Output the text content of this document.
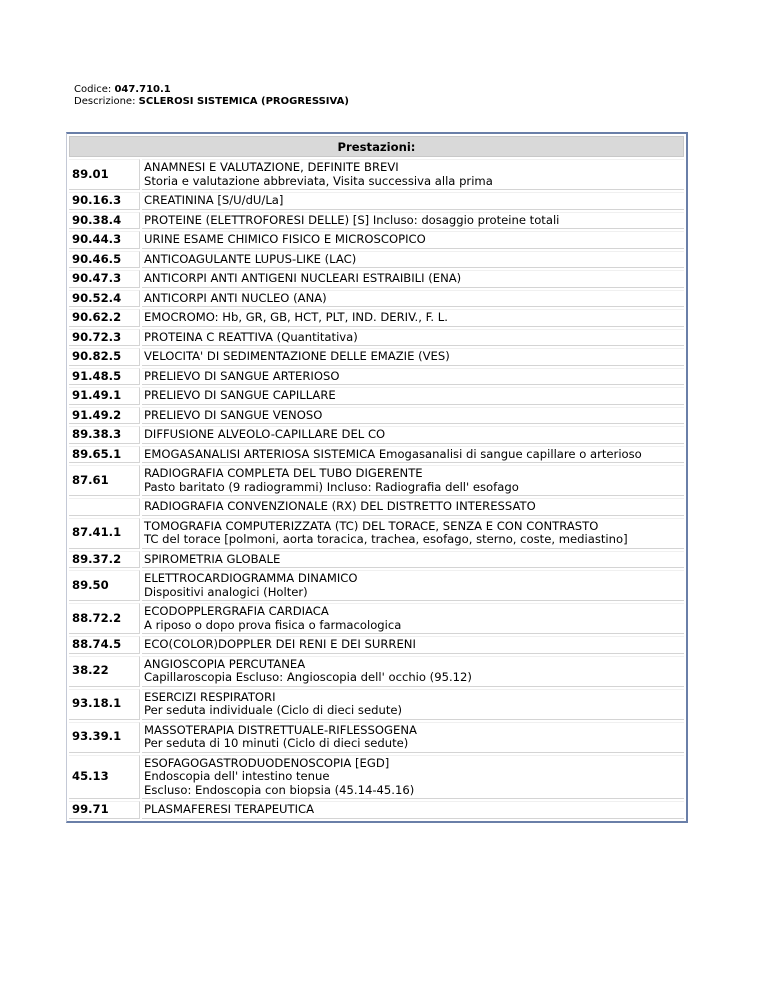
Codice: 047.710.1
Descrizione: SCLEROSI SISTEMICA (PROGRESSIVA)
Prestazioni:	
89.01	ANAMNESI E VALUTAZIONE, DEFINITE BREVI
Storia e valutazione abbreviata, Visita successiva alla prima

90.16.3	CREATININA [S/U/dU/La]

90.38.4	PROTEINE (ELETTROFORESI DELLE) [S] Incluso: dosaggio proteine totali

90.44.3	URINE ESAME CHIMICO FISICO E MICROSCOPICO

90.46.5	ANTICOAGULANTE LUPUS-LIKE (LAC)

90.47.3	ANTICORPI ANTI ANTIGENI NUCLEARI ESTRAIBILI (ENA)

90.52.4	ANTICORPI ANTI NUCLEO (ANA)

90.62.2	EMOCROMO: Hb, GR, GB, HCT, PLT, IND. DERIV., F. L.

90.72.3	PROTEINA C REATTIVA (Quantitativa)

90.82.5	VELOCITA' DI SEDIMENTAZIONE DELLE EMAZIE (VES)

91.48.5	PRELIEVO DI SANGUE ARTERIOSO

91.49.1	PRELIEVO DI SANGUE CAPILLARE

91.49.2	PRELIEVO DI SANGUE VENOSO

89.38.3	DIFFUSIONE ALVEOLO-CAPILLARE DEL CO

89.65.1	EMOGASANALISI ARTERIOSA SISTEMICA Emogasanalisi di sangue capillare o arterioso

87.61	RADIOGRAFIA COMPLETA DEL TUBO DIGERENTE
Pasto baritato (9 radiogrammi) Incluso: Radiografia dell' esofago

	RADIOGRAFIA CONVENZIONALE (RX) DEL DISTRETTO INTERESSATO

87.41.1	TOMOGRAFIA COMPUTERIZZATA (TC) DEL TORACE, SENZA E CON CONTRASTO
TC del torace [polmoni, aorta toracica, trachea, esofago, sterno, coste, mediastino]

89.37.2	SPIROMETRIA GLOBALE

89.50	ELETTROCARDIOGRAMMA DINAMICO
Dispositivi analogici (Holter)

88.72.2	ECODOPPLERGRAFIA CARDIACA
A riposo o dopo prova fisica o farmacologica

88.74.5	ECO(COLOR)DOPPLER DEI RENI E DEI SURRENI

38.22	ANGIOSCOPIA PERCUTANEA
Capillaroscopia Escluso: Angioscopia dell' occhio (95.12)

93.18.1	ESERCIZI RESPIRATORI
Per seduta individuale (Ciclo di dieci sedute)

93.39.1	MASSOTERAPIA DISTRETTUALE-RIFLESSOGENA
Per seduta di 10 minuti (Ciclo di dieci sedute)

45.13	ESOFAGOGASTRODUODENOSCOPIA [EGD]
Endoscopia dell' intestino tenue
Escluso: Endoscopia con biopsia (45.14-45.16)

99.71	PLASMAFERESI TERAPEUTICA
